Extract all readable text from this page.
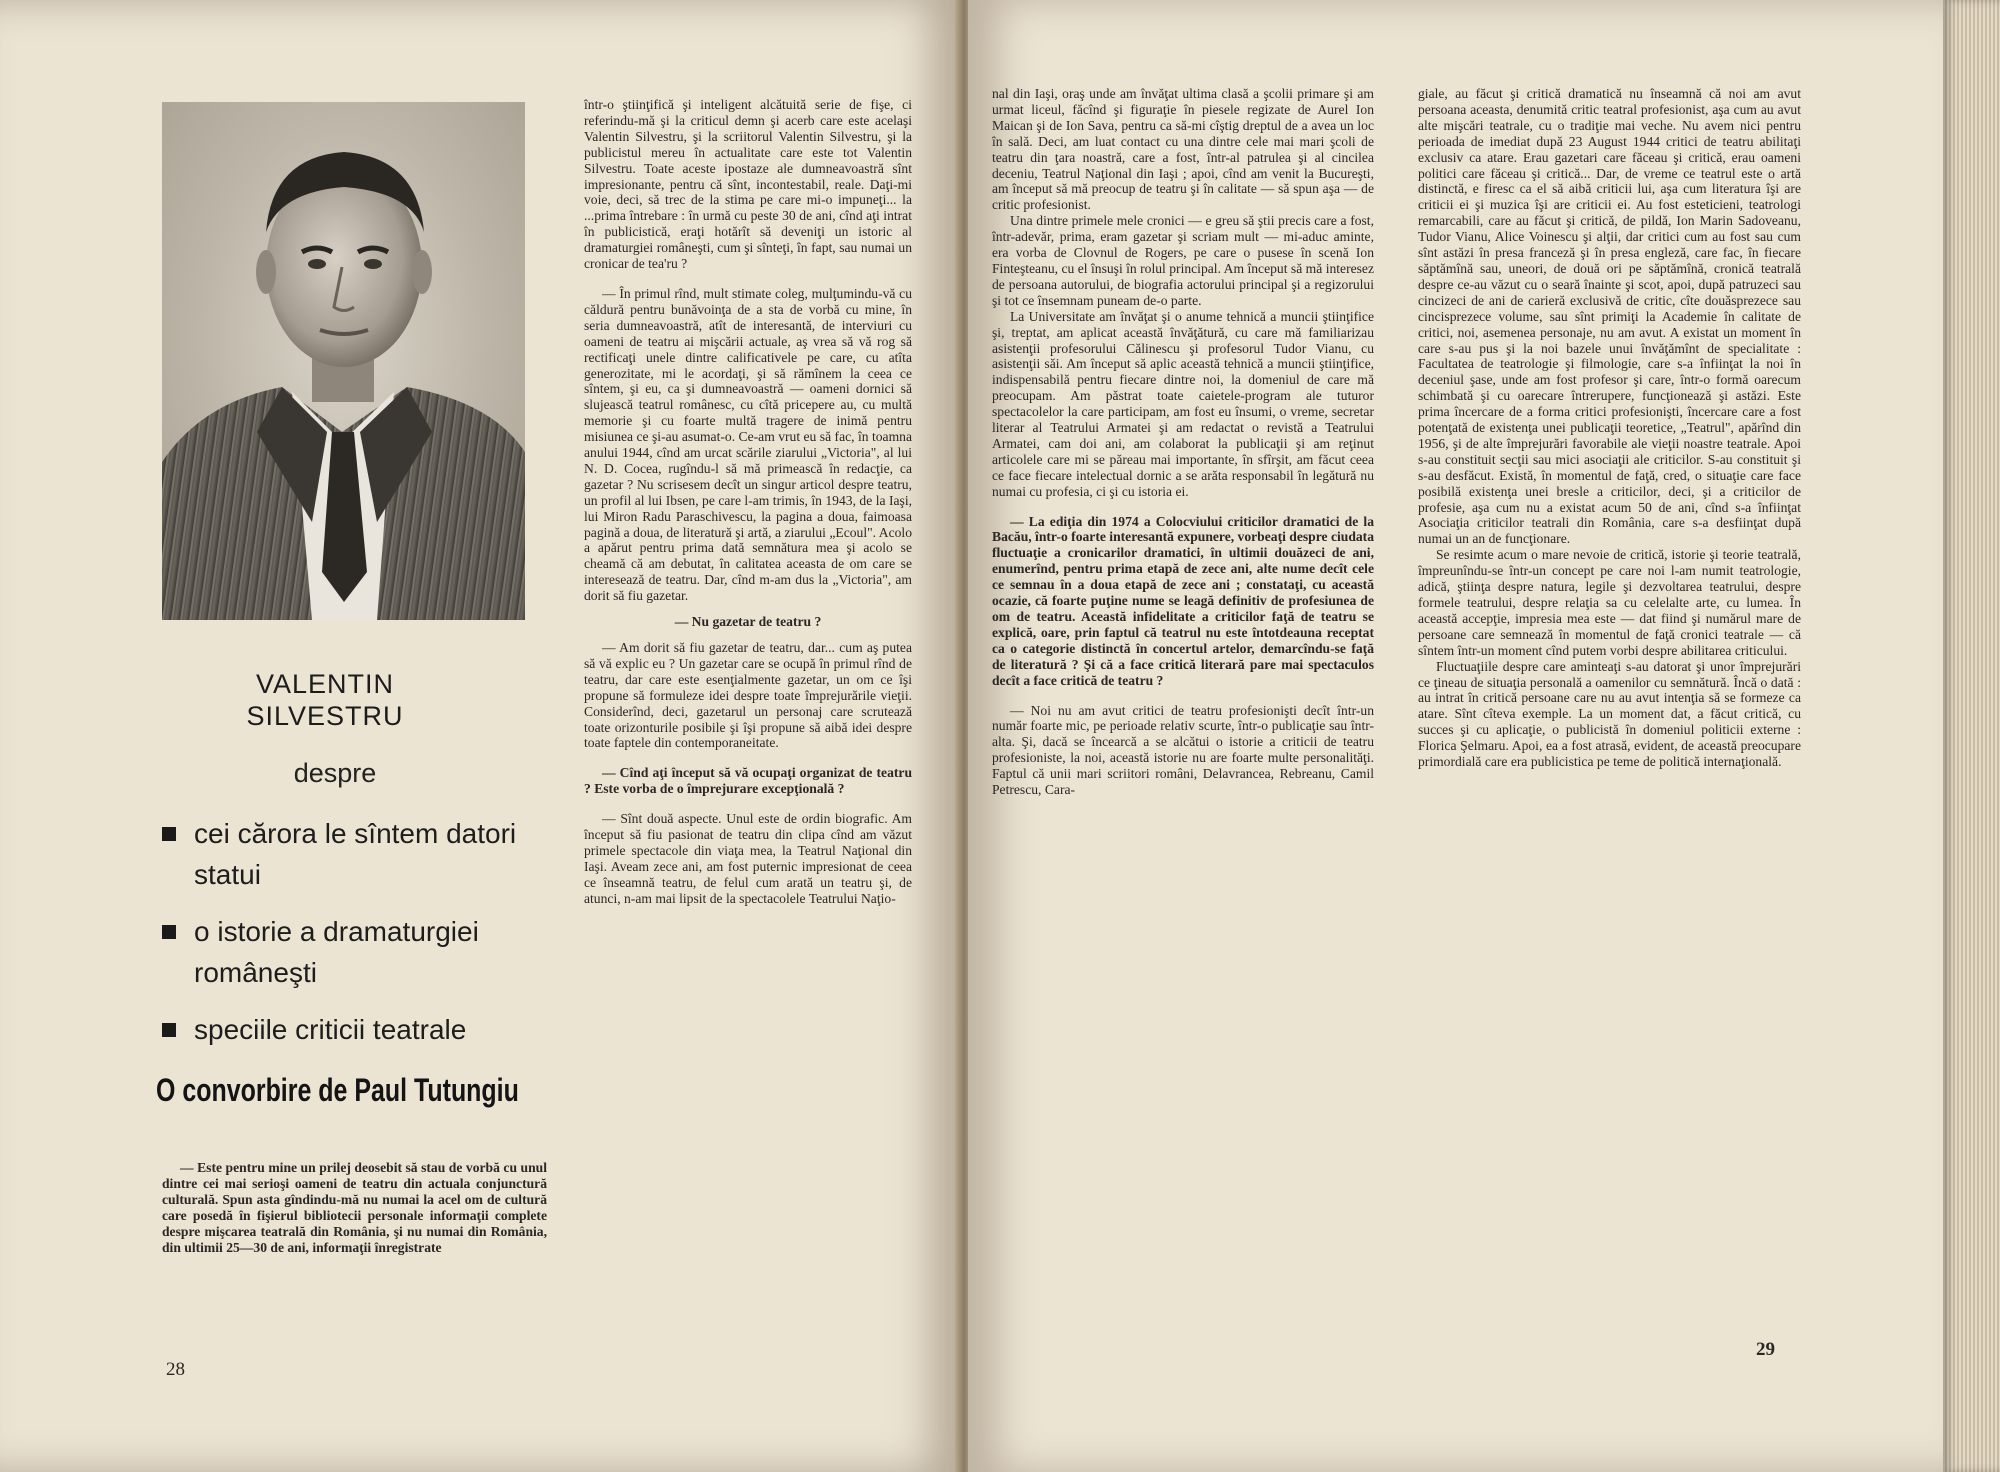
VALENTIN
SILVESTRU
despre
cei cărora le sîntem datori statui
o istorie a dramaturgiei româneşti
speciile criticii teatrale
O convorbire de Paul Tutungiu

— Este pentru mine un prilej deosebit să stau de vorbă cu unul dintre cei mai serioşi oameni de teatru din actuala conjunctură culturală. Spun asta gîndindu-mă nu numai la acel om de cultură care posedă în fişierul bibliotecii personale informaţii complete despre mişcarea teatrală din România, şi nu numai din România, din ultimii 25—30 de ani, informaţii înregistrate

într-o ştiinţifică şi inteligent alcătuită serie de fişe, ci referindu-mă şi la criticul demn şi acerb care este acelaşi Valentin Silvestru, şi la scriitorul Valentin Silvestru, şi la publicistul mereu în actualitate care este tot Valentin Silvestru. Toate aceste ipostaze ale dumneavoastră sînt impresionante, pentru că sînt, incontestabil, reale. Daţi-mi voie, deci, să trec de la stima pe care mi-o impuneţi... la ...prima întrebare : în urmă cu peste 30 de ani, cînd aţi intrat în publicistică, eraţi hotărît să deveniţi un istoric al dramaturgiei româneşti, cum şi sînteţi, în fapt, sau numai un cronicar de tea'ru ?

— În primul rînd, mult stimate coleg, mulţumindu-vă cu căldură pentru bunăvoinţa de a sta de vorbă cu mine, în seria dumneavoastră, atît de interesantă, de interviuri cu oameni de teatru ai mişcării actuale, aş vrea să vă rog să rectificaţi unele dintre calificativele pe care, cu atîta generozitate, mi le acordaţi, şi să rămînem la ceea ce sîntem, şi eu, ca şi dumneavoastră — oameni dornici să slujească teatrul românesc, cu cîtă pricepere au, cu multă memorie şi cu foarte multă tragere de inimă pentru misiunea ce şi-au asumat-o. Ce-am vrut eu să fac, în toamna anului 1944, cînd am urcat scările ziarului „Victoria", al lui N. D. Cocea, rugîndu-l să mă primească în redacţie, ca gazetar ? Nu scrisesem decît un singur articol despre teatru, un profil al lui Ibsen, pe care l-am trimis, în 1943, de la Iaşi, lui Miron Radu Paraschivescu, la pagina a doua, faimoasa pagină a doua, de literatură şi artă, a ziarului „Ecoul". Acolo a apărut pentru prima dată semnătura mea şi acolo se cheamă că am debutat, în calitatea aceasta de om care se interesează de teatru. Dar, cînd m-am dus la „Victoria", am dorit să fiu gazetar.

— Nu gazetar de teatru ?

— Am dorit să fiu gazetar de teatru, dar... cum aş putea să vă explic eu ? Un gazetar care se ocupă în primul rînd de teatru, dar care este esenţialmente gazetar, un om ce îşi propune să formuleze idei despre toate împrejurările vieţii. Considerînd, deci, gazetarul un personaj care scrutează toate orizonturile posibile şi îşi propune să aibă idei despre toate faptele din contemporaneitate.

— Cînd aţi început să vă ocupaţi organizat de teatru ? Este vorba de o împrejurare excepţională ?

— Sînt două aspecte. Unul este de ordin biografic. Am început să fiu pasionat de teatru din clipa cînd am văzut primele spectacole din viaţa mea, la Teatrul Naţional din Iaşi. Aveam zece ani, am fost puternic impresionat de ceea ce înseamnă teatru, de felul cum arată un teatru şi, de atunci, n-am mai lipsit de la spectacolele Teatrului Naţio-

28

nal din Iaşi, oraş unde am învăţat ultima clasă a şcolii primare şi am urmat liceul, făcînd şi figuraţie în piesele regizate de Aurel Ion Maican şi de Ion Sava, pentru ca să-mi cîştig dreptul de a avea un loc în sală. Deci, am luat contact cu una dintre cele mai mari şcoli de teatru din ţara noastră, care a fost, într-al patrulea şi al cincilea deceniu, Teatrul Naţional din Iaşi ; apoi, cînd am venit la Bucureşti, am început să mă preocup de teatru şi în calitate — să spun aşa — de critic profesionist.

Una dintre primele mele cronici — e greu să ştii precis care a fost, într-adevăr, prima, eram gazetar şi scriam mult — mi-aduc aminte, era vorba de Clovnul de Rogers, pe care o pusese în scenă Ion Finteşteanu, cu el însuşi în rolul principal. Am început să mă interesez de persoana autorului, de biografia actorului principal şi a regizorului şi tot ce însemnam puneam de-o parte.

La Universitate am învăţat şi o anume tehnică a muncii ştiinţifice şi, treptat, am aplicat această învăţătură, cu care mă familiarizau asistenţii profesorului Călinescu şi profesorul Tudor Vianu, cu asistenţii săi. Am început să aplic această tehnică a muncii ştiinţifice, indispensabilă pentru fiecare dintre noi, la domeniul de care mă preocupam. Am păstrat toate caietele-program ale tuturor spectacolelor la care participam, am fost eu însumi, o vreme, secretar literar al Teatrului Armatei şi am redactat o revistă a Teatrului Armatei, cam doi ani, am colaborat la publicaţii şi am reţinut articolele care mi se păreau mai importante, în sfîrşit, am făcut ceea ce face fiecare intelectual dornic a se arăta responsabil în legătură nu numai cu profesia, ci şi cu istoria ei.

— La ediţia din 1974 a Colocviului criticilor dramatici de la Bacău, într-o foarte interesantă expunere, vorbeaţi despre ciudata fluctuaţie a cronicarilor dramatici, în ultimii douăzeci de ani, enumerînd, pentru prima etapă de zece ani, alte nume decît cele ce semnau în a doua etapă de zece ani ; constataţi, cu această ocazie, că foarte puţine nume se leagă definitiv de profesiunea de om de teatru. Această infidelitate a criticilor faţă de teatru se explică, oare, prin faptul că teatrul nu este întotdeauna receptat ca o categorie distinctă în concertul artelor, demarcîndu-se faţă de literatură ? Şi că a face critică literară pare mai spectaculos decît a face critică de teatru ?

— Noi nu am avut critici de teatru profesionişti decît într-un număr foarte mic, pe perioade relativ scurte, într-o publicaţie sau într-alta. Şi, dacă se încearcă a se alcătui o istorie a criticii de teatru profesioniste, la noi, această istorie nu are foarte multe personalităţi. Faptul că unii mari scriitori români, Delavrancea, Rebreanu, Camil Petrescu, Cara-

giale, au făcut şi critică dramatică nu înseamnă că noi am avut persoana aceasta, denumită critic teatral profesionist, aşa cum au avut alte mişcări teatrale, cu o tradiţie mai veche. Nu avem nici pentru perioada de imediat după 23 August 1944 critici de teatru abilitaţi exclusiv ca atare. Erau gazetari care făceau şi critică, erau oameni politici care făceau şi critică... Dar, de vreme ce teatrul este o artă distinctă, e firesc ca el să aibă criticii lui, aşa cum literatura îşi are criticii ei şi muzica îşi are criticii ei. Au fost esteticieni, teatrologi remarcabili, care au făcut şi critică, de pildă, Ion Marin Sadoveanu, Tudor Vianu, Alice Voinescu şi alţii, dar critici cum au fost sau cum sînt astăzi în presa franceză şi în presa engleză, care fac, în fiecare săptămînă sau, uneori, de două ori pe săptămînă, cronică teatrală despre ce-au văzut cu o seară înainte şi scot, apoi, după patruzeci sau cincizeci de ani de carieră exclusivă de critic, cîte douăsprezece sau cincisprezece volume, sau sînt primiţi la Academie în calitate de critici, noi, asemenea personaje, nu am avut. A existat un moment în care s-au pus şi la noi bazele unui învăţămînt de specialitate : Facultatea de teatrologie şi filmologie, care s-a înfiinţat la noi în deceniul şase, unde am fost profesor şi care, într-o formă oarecum schimbată şi cu oarecare întrerupere, funcţionează şi astăzi. Este prima încercare de a forma critici profesionişti, încercare care a fost potenţată de existenţa unei publicaţii teoretice, „Teatrul", apărînd din 1956, şi de alte împrejurări favorabile ale vieţii noastre teatrale. Apoi s-au constituit secţii sau mici asociaţii ale criticilor. S-au constituit şi s-au desfăcut. Există, în momentul de faţă, cred, o situaţie care face posibilă existenţa unei bresle a criticilor, deci, şi a criticilor de profesie, aşa cum nu a existat acum 50 de ani, cînd s-a înfiinţat Asociaţia criticilor teatrali din România, care s-a desfiinţat după numai un an de funcţionare.

Se resimte acum o mare nevoie de critică, istorie şi teorie teatrală, împreunîndu-se într-un concept pe care noi l-am numit teatrologie, adică, ştiinţa despre natura, legile şi dezvoltarea teatrului, despre formele teatrului, despre relaţia sa cu celelalte arte, cu lumea. În această accepţie, impresia mea este — dat fiind şi numărul mare de persoane care semnează în momentul de faţă cronici teatrale — că sîntem într-un moment cînd putem vorbi despre abilitarea criticului.

Fluctuaţiile despre care aminteaţi s-au datorat şi unor împrejurări ce ţineau de situaţia personală a oamenilor cu semnătură. Încă o dată : au intrat în critică persoane care nu au avut intenţia să se formeze ca atare. Sînt cîteva exemple. La un moment dat, a făcut critică, cu succes şi cu aplicaţie, o publicistă în domeniul politicii externe : Florica Şelmaru. Apoi, ea a fost atrasă, evident, de această preocupare primordială care era publicistica pe teme de politică internaţională.

29
